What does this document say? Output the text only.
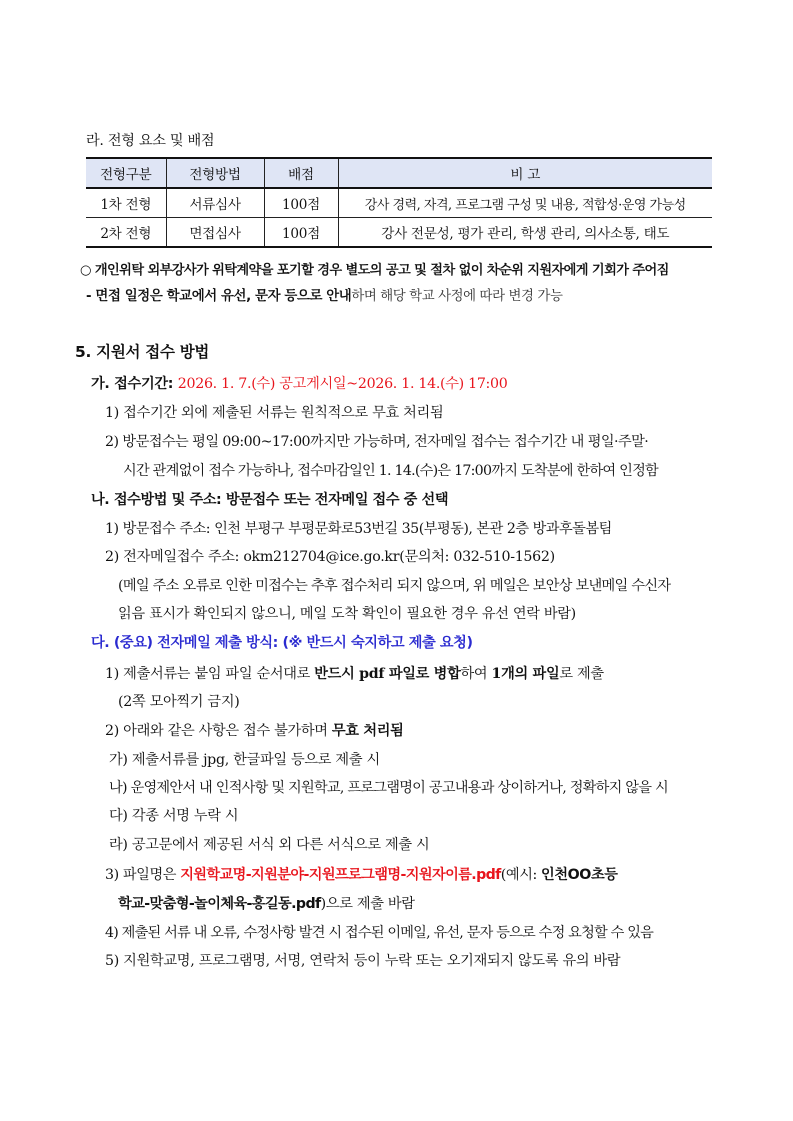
라. 전형 요소 및 배점
전형구분	전형방법	배점	비 고
1차 전형	서류심사	100점	강사 경력, 자격, 프로그램 구성 및 내용, 적합성·운영 가능성
2차 전형	면접심사	100점	강사 전문성, 평가 관리, 학생 관리, 의사소통, 태도
○ 개인위탁 외부강사가 위탁계약을 포기할 경우 별도의 공고 및 절차 없이 차순위 지원자에게 기회가 주어짐
- 면접 일정은 학교에서 유선, 문자 등으로 안내하며 해당 학교 사정에 따라 변경 가능
5. 지원서 접수 방법
가. 접수기간: 2026. 1. 7.(수) 공고게시일~2026. 1. 14.(수) 17:00
1) 접수기간 외에 제출된 서류는 원칙적으로 무효 처리됨
2) 방문접수는 평일 09:00~17:00까지만 가능하며, 전자메일 접수는 접수기간 내 평일·주말·
시간 관계없이 접수 가능하나, 접수마감일인 1. 14.(수)은 17:00까지 도착분에 한하여 인정함
나. 접수방법 및 주소: 방문접수 또는 전자메일 접수 중 선택
1) 방문접수 주소: 인천 부평구 부평문화로53번길 35(부평동), 본관 2층 방과후돌봄팀
2) 전자메일접수 주소: okm212704@ice.go.kr(문의처: 032-510-1562)
(메일 주소 오류로 인한 미접수는 추후 접수처리 되지 않으며, 위 메일은 보안상 보낸메일 수신자
읽음 표시가 확인되지 않으니, 메일 도착 확인이 필요한 경우 유선 연락 바람)
다. (중요) 전자메일 제출 방식: (※ 반드시 숙지하고 제출 요청)
1) 제출서류는 붙임 파일 순서대로 반드시 pdf 파일로 병합하여 1개의 파일로 제출
(2쪽 모아찍기 금지)
2) 아래와 같은 사항은 접수 불가하며 무효 처리됨
가) 제출서류를 jpg, 한글파일 등으로 제출 시
나) 운영제안서 내 인적사항 및 지원학교, 프로그램명이 공고내용과 상이하거나, 정확하지 않을 시
다) 각종 서명 누락 시
라) 공고문에서 제공된 서식 외 다른 서식으로 제출 시
3) 파일명은 지원학교명-지원분야-지원프로그램명-지원자이름.pdf(예시: 인천OO초등
학교-맞춤형-놀이체육-홍길동.pdf)으로 제출 바람
4) 제출된 서류 내 오류, 수정사항 발견 시 접수된 이메일, 유선, 문자 등으로 수정 요청할 수 있음
5) 지원학교명, 프로그램명, 서명, 연락처 등이 누락 또는 오기재되지 않도록 유의 바람
